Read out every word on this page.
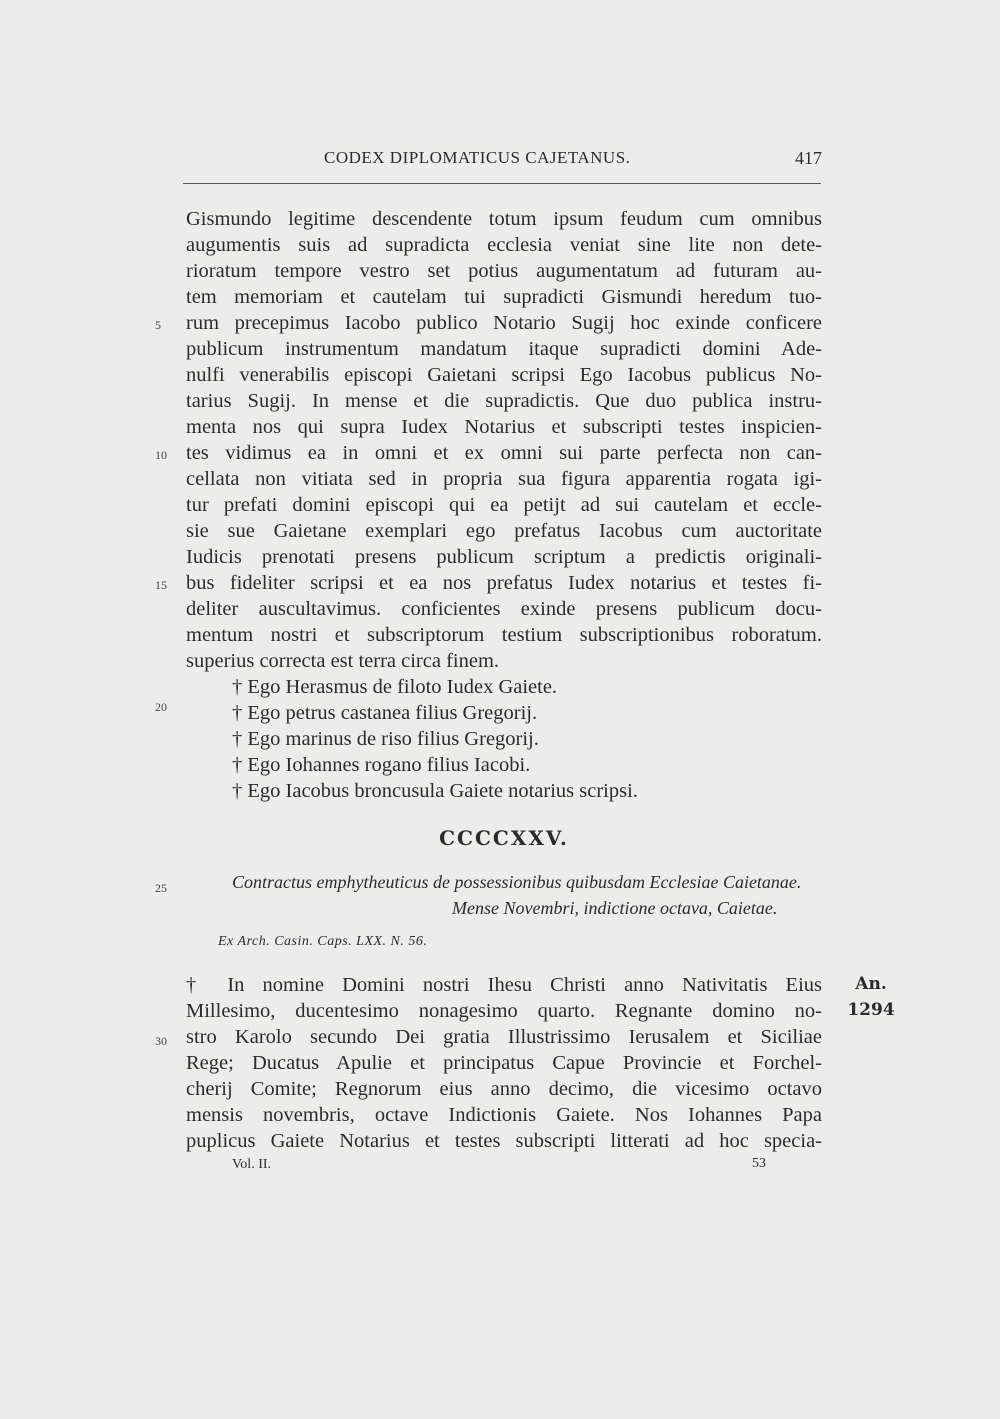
CODEX DIPLOMATICUS CAJETANUS.	417
5
10
15
20
25
30
Gismundo legitime descendente totum ipsum feudum cum omnibus
augumentis suis ad supradicta ecclesia veniat sine lite non dete-
rioratum tempore vestro set potius augumentatum ad futuram au-
tem memoriam et cautelam tui supradicti Gismundi heredum tuo-
rum precepimus Iacobo publico Notario Sugij hoc exinde conficere
publicum instrumentum mandatum itaque supradicti domini Ade-
nulfi venerabilis episcopi Gaietani scripsi Ego Iacobus publicus No-
tarius Sugij. In mense et die supradictis. Que duo publica instru-
menta nos qui supra Iudex Notarius et subscripti testes inspicien-
tes vidimus ea in omni et ex omni sui parte perfecta non can-
cellata non vitiata sed in propria sua figura apparentia rogata igi-
tur prefati domini episcopi qui ea petijt ad sui cautelam et eccle-
sie sue Gaietane exemplari ego prefatus Iacobus cum auctoritate
Iudicis prenotati presens publicum scriptum a predictis originali-
bus fideliter scripsi et ea nos prefatus Iudex notarius et testes fi-
deliter auscultavimus. conficientes exinde presens publicum docu-
mentum nostri et subscriptorum testium subscriptionibus roboratum.
superius correcta est terra circa finem.
† Ego Herasmus de filoto Iudex Gaiete.
† Ego petrus castanea filius Gregorij.
† Ego marinus de riso filius Gregorij.
† Ego Iohannes rogano filius Iacobi.
† Ego Iacobus broncusula Gaiete notarius scripsi.
CCCCXXV.
Contractus emphytheuticus de possessionibus quibusdam Ecclesiae Caietanae.
Mense Novembri, indictione octava, Caietae.
Ex Arch. Casin. Caps. LXX. N. 56.
† In nomine Domini nostri Ihesu Christi anno Nativitatis Eius
Millesimo, ducentesimo nonagesimo quarto. Regnante domino no-
stro Karolo secundo Dei gratia Illustrissimo Ierusalem et Siciliae
Rege; Ducatus Apulie et principatus Capue Provincie et Forchel-
cherij Comite; Regnorum eius anno decimo, die vicesimo octavo
mensis novembris, octave Indictionis Gaiete. Nos Iohannes Papa
puplicus Gaiete Notarius et testes subscripti litterati ad hoc specia-
An.
1294
Vol. II.	53
